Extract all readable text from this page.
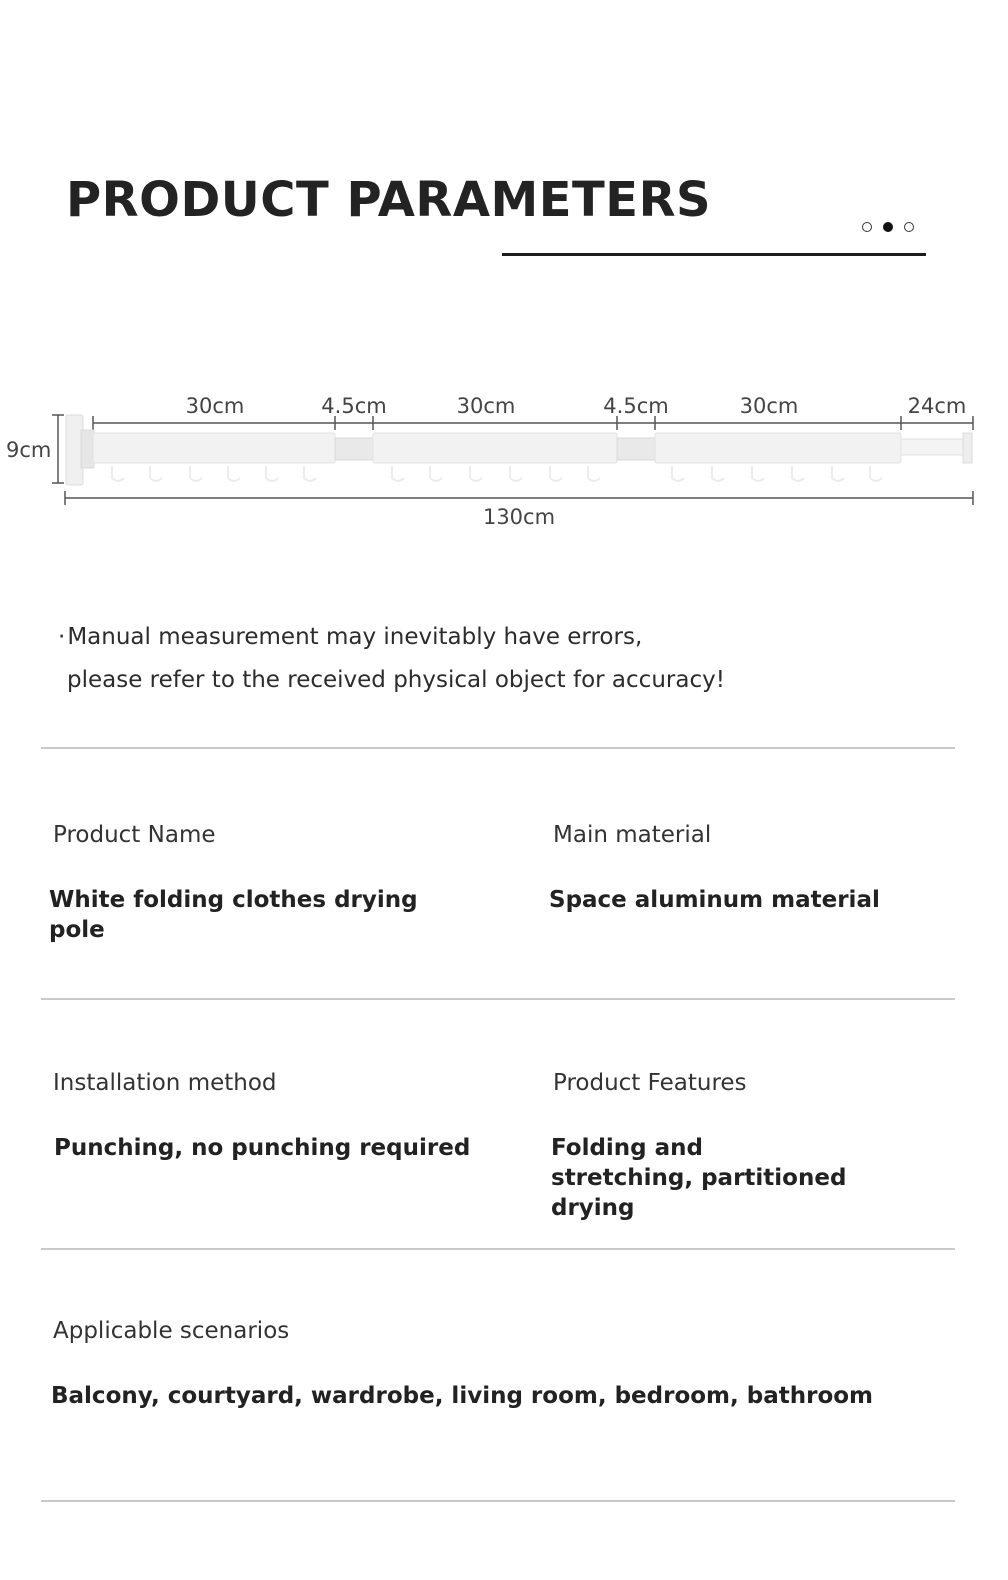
PRODUCT PARAMETERS
9cm
30cm	4.5cm	30cm	4.5cm	30cm	24cm
130cm

·Manual measurement may inevitably have errors,
please refer to the received physical object for accuracy!

Product Name

White folding clothes drying pole

Main material

Space aluminum material

Installation method

Punching, no punching required

Product Features

Folding and stretching, partitioned drying

Applicable scenarios

Balcony, courtyard, wardrobe, living room, bedroom, bathroom
